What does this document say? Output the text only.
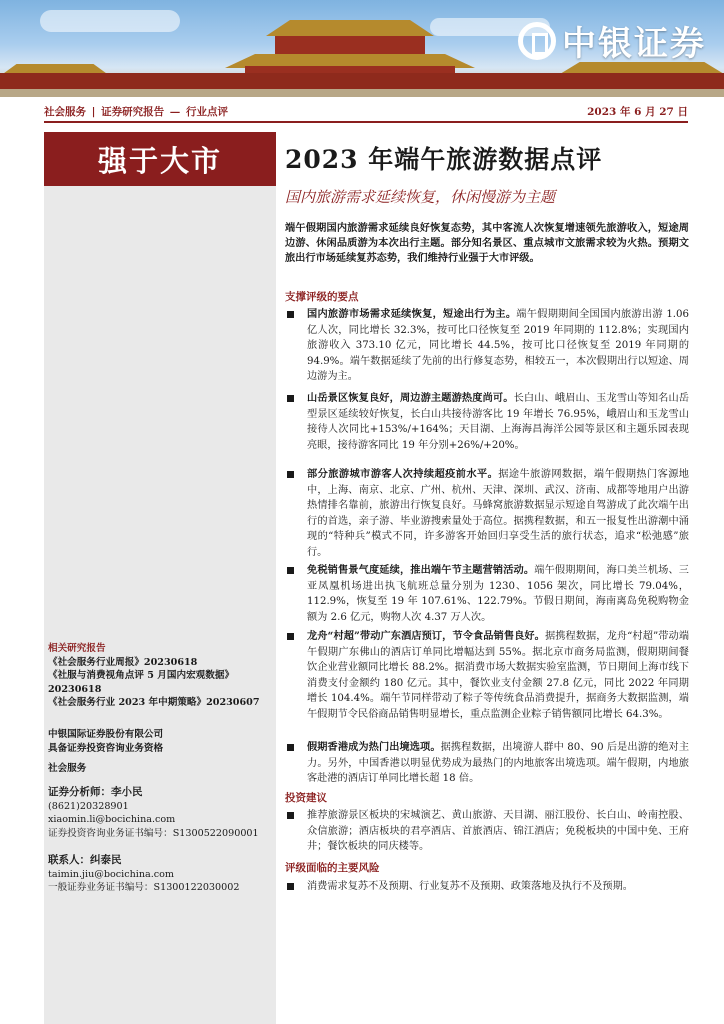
中银证券
社会服务 | 证券研究报告 — 行业点评	2023 年 6 月 27 日
强于大市
相关研究报告
《社会服务行业周报》20230618
《社服与消费视角点评 5 月国内宏观数据》20230618
《社会服务行业 2023 年中期策略》20230607
中银国际证券股份有限公司
具备证券投资咨询业务资格
社会服务
证券分析师：李小民
(8621)20328901
xiaomin.li@bocichina.com
证券投资咨询业务证书编号：S1300522090001
联系人：纠泰民
taimin.jiu@bocichina.com
一般证券业务证书编号：S1300122030002
2023 年端午旅游数据点评
国内旅游需求延续恢复，休闲慢游为主题
端午假期国内旅游需求延续良好恢复态势，其中客流人次恢复增速领先旅游收入，短途周边游、休闲品质游为本次出行主题。部分知名景区、重点城市文旅需求较为火热。预期文旅出行市场延续复苏态势，我们维持行业强于大市评级。
支撑评级的要点
国内旅游市场需求延续恢复，短途出行为主。端午假期期间全国国内旅游出游 1.06 亿人次，同比增长 32.3%，按可比口径恢复至 2019 年同期的 112.8%；实现国内旅游收入 373.10 亿元，同比增长 44.5%，按可比口径恢复至 2019 年同期的 94.9%。端午数据延续了先前的出行修复态势，相较五一，本次假期出行以短途、周边游为主。
山岳景区恢复良好，周边游主题游热度尚可。长白山、峨眉山、玉龙雪山等知名山岳型景区延续较好恢复，长白山共接待游客比 19 年增长 76.95%，峨眉山和玉龙雪山接待人次同比+153%/+164%；天目湖、上海海昌海洋公园等景区和主题乐园表现亮眼，接待游客同比 19 年分别+26%/+20%。
部分旅游城市游客人次持续超疫前水平。据途牛旅游网数据，端午假期热门客源地中，上海、南京、北京、广州、杭州、天津、深圳、武汉、济南、成都等地用户出游热情排名靠前，旅游出行恢复良好。马蜂窝旅游数据显示短途自驾游成了此次端午出行的首选，亲子游、毕业游搜索量处于高位。据携程数据，和五一报复性出游潮中涌现的“特种兵”模式不同，许多游客开始回归享受生活的旅行状态，追求“松弛感”旅行。
免税销售景气度延续，推出端午节主题营销活动。端午假期期间，海口美兰机场、三亚凤凰机场进出执飞航班总量分别为 1230、1056 架次，同比增长 79.04%，112.9%，恢复至 19 年 107.61%、122.79%。节假日期间，海南离岛免税购物金额为 2.6 亿元，购物人次 4.37 万人次。
龙舟“村超”带动广东酒店预订，节令食品销售良好。据携程数据，龙舟“村超”带动端午假期广东佛山的酒店订单同比增幅达到 55%。据北京市商务局监测，假期期间餐饮企业营业额同比增长 88.2%。据消费市场大数据实验室监测，节日期间上海市线下消费支付金额约 180 亿元。其中，餐饮业支付金额 27.8 亿元，同比 2022 年同期增长 104.4%。端午节同样带动了粽子等传统食品消费提升，据商务大数据监测，端午假期节令民俗商品销售明显增长，重点监测企业粽子销售额同比增长 64.3%。
假期香港成为热门出境选项。据携程数据，出境游人群中 80、90 后是出游的绝对主力。另外，中国香港以明显优势成为最热门的内地旅客出境选项。端午假期，内地旅客赴港的酒店订单同比增长超 18 倍。
投资建议
推荐旅游景区板块的宋城演艺、黄山旅游、天目湖、丽江股份、长白山、岭南控股、众信旅游；酒店板块的君亭酒店、首旅酒店、锦江酒店；免税板块的中国中免、王府井；餐饮板块的同庆楼等。
评级面临的主要风险
消费需求复苏不及预期、行业复苏不及预期、政策落地及执行不及预期。
